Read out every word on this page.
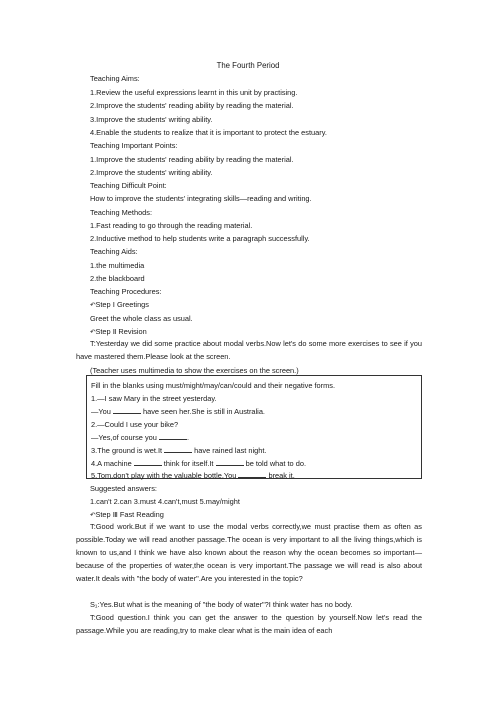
The Fourth Period
Teaching Aims:
1.Review the useful expressions learnt in this unit by practising.
2.Improve the students' reading ability by reading the material.
3.Improve the students' writing ability.
4.Enable the students to realize that it is important to protect the estuary.
Teaching Important Points:
1.Improve the students' reading ability by reading the material.
2.Improve the students' writing ability.
Teaching Difficult Point:
How to improve the students' integrating skills—reading and writing.
Teaching Methods:
1.Fast reading to go through the reading material.
2.Inductive method to help students write a paragraph successfully.
Teaching Aids:
1.the multimedia
2.the blackboard
Teaching Procedures:
↶Step Ⅰ Greetings
Greet the whole class as usual.
↶Step Ⅱ Revision
T:Yesterday we did some practice about modal verbs.Now let's do some more exercises to see if you have mastered them.Please look at the screen.
(Teacher uses multimedia to show the exercises on the screen.)
Fill in the blanks using must/might/may/can/could and their negative forms.
1.—I saw Mary in the street yesterday.
—You	have seen her.She is still in Australia.
2.—Could I use your bike?
—Yes,of course you	.
3.The ground is wet.It	have rained last night.
4.A machine	think for itself.It	be told what to do.
5.Tom,don't play with the valuable bottle.You	break it.
Suggested answers:
1.can't 2.can 3.must 4.can't,must 5.may/might
↶Step Ⅲ Fast Reading
T:Good work.But if we want to use the modal verbs correctly,we must practise them as often as possible.Today we will read another passage.The ocean is very important to all the living things,which is known to us,and I think we have also known about the reason why the ocean becomes so important—because of the properties of water,the ocean is very important.The passage we will read is also about water.It deals with "the body of water".Are you interested in the topic?
S₁:Yes.But what is the meaning of "the body of water"?I think water has no body.
T:Good question.I think you can get the answer to the question by yourself.Now let's read the passage.While you are reading,try to make clear what is the main idea of each
